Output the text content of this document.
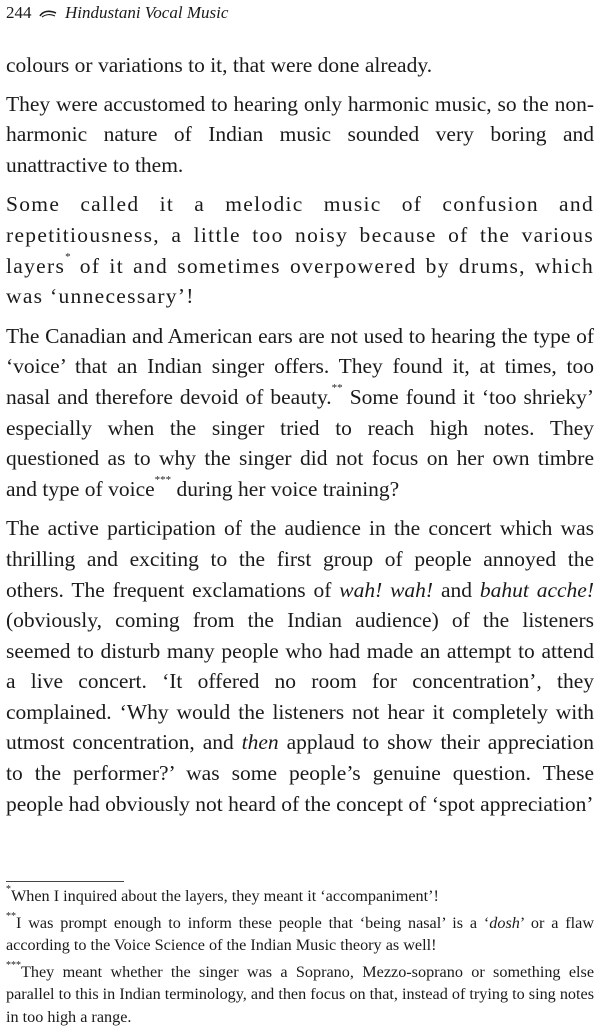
244 Hindustani Vocal Music

colours or variations to it, that were done already.

They were accustomed to hearing only harmonic music, so the non-harmonic nature of Indian music sounded very boring and unattractive to them.

Some called it a melodic music of confusion and repetitiousness, a little too noisy because of the various layers* of it and sometimes overpowered by drums, which was ‘unnecessary’!

The Canadian and American ears are not used to hearing the type of ‘voice’ that an Indian singer offers. They found it, at times, too nasal and therefore devoid of beauty.** Some found it ‘too shrieky’ especially when the singer tried to reach high notes. They questioned as to why the singer did not focus on her own timbre and type of voice*** during her voice training?

The active participation of the audience in the concert which was thrilling and exciting to the first group of people annoyed the others. The frequent exclamations of wah! wah! and bahut acche! (obviously, coming from the Indian audience) of the listeners seemed to disturb many people who had made an attempt to attend a live concert. ‘It offered no room for concentration’, they complained. ‘Why would the listeners not hear it completely with utmost concentration, and then applaud to show their appreciation to the performer?’ was some people’s genuine question. These people had obviously not heard of the concept of ‘spot appreciation’

*When I inquired about the layers, they meant it ‘accompaniment’!

**I was prompt enough to inform these people that ‘being nasal’ is a ‘dosh’ or a flaw according to the Voice Science of the Indian Music theory as well!

***They meant whether the singer was a Soprano, Mezzo-soprano or something else parallel to this in Indian terminology, and then focus on that, instead of trying to sing notes in too high a range.
